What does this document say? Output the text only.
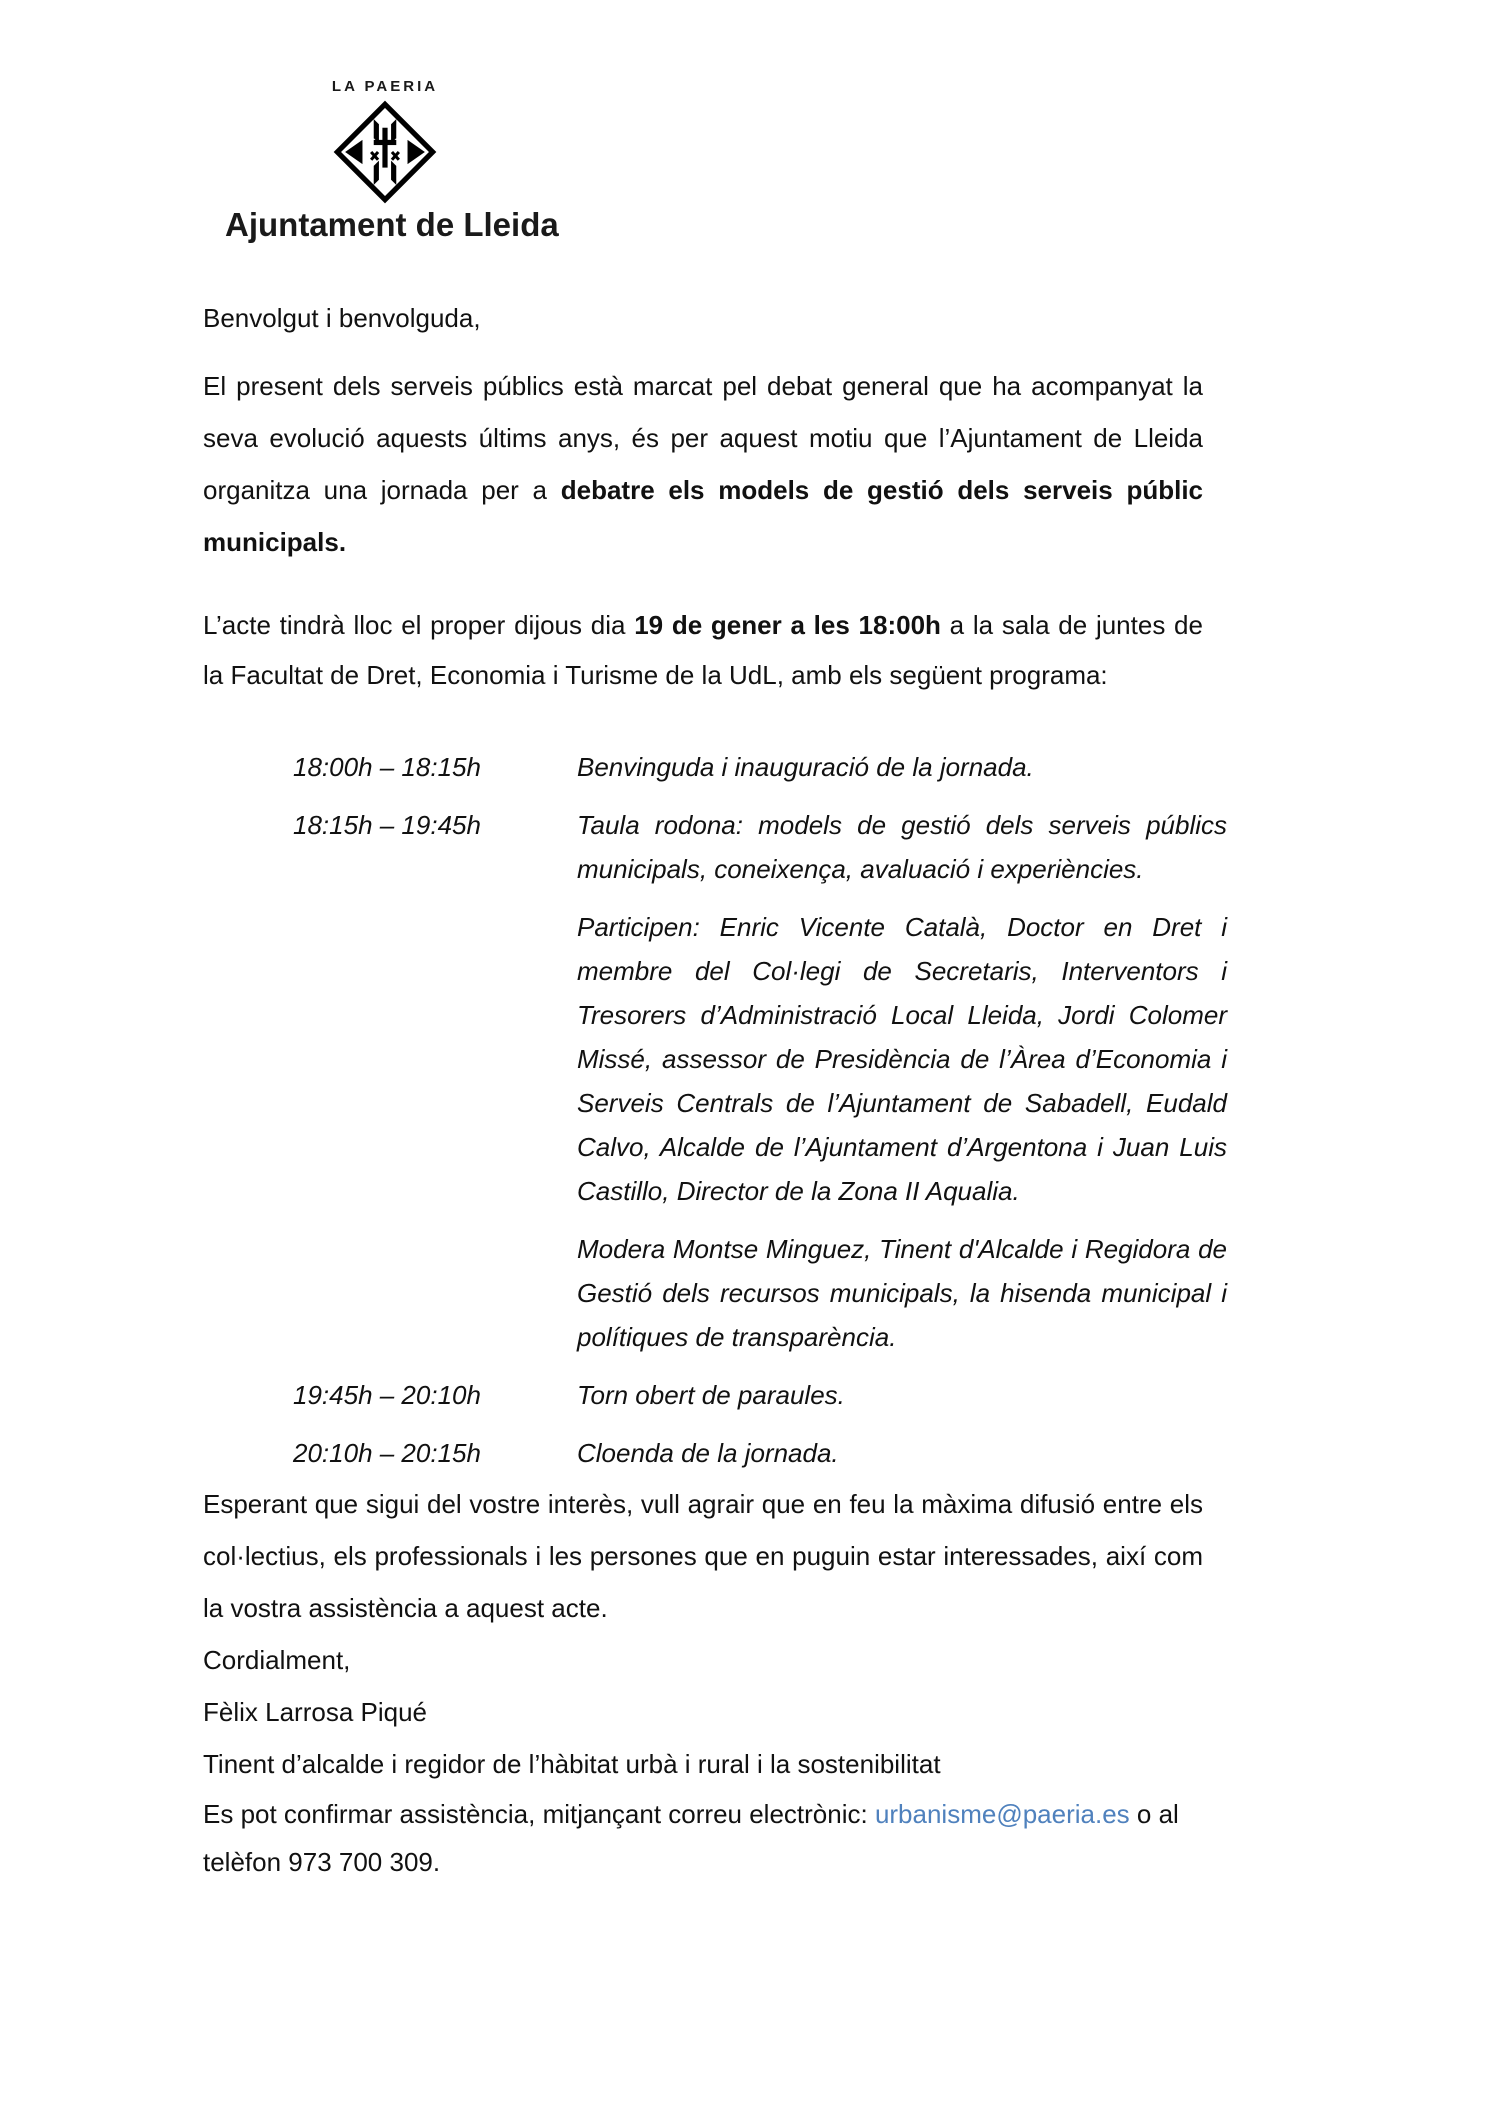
LA PAERIA
Ajuntament de Lleida

Benvolgut i benvolguda,

El present dels serveis públics està marcat pel debat general que ha acompanyat la seva evolució aquests últims anys, és per aquest motiu que l’Ajuntament de Lleida organitza una jornada per a debatre els models de gestió dels serveis públic municipals.

L’acte tindrà lloc el proper dijous dia 19 de gener a les 18:00h a la sala de juntes de la Facultat de Dret, Economia i Turisme de la UdL, amb els següent programa:

18:00h – 18:15h	Benvinguda i inauguració de la jornada.

18:15h – 19:45h	Taula rodona: models de gestió dels serveis públics municipals, coneixença, avaluació i experiències.

Participen: Enric Vicente Català, Doctor en Dret i membre del Col·legi de Secretaris, Interventors i Tresorers d’Administració Local Lleida, Jordi Colomer Missé, assessor de Presidència de l’Àrea d’Economia i Serveis Centrals de l’Ajuntament de Sabadell, Eudald Calvo, Alcalde de l’Ajuntament d’Argentona i Juan Luis Castillo, Director de la Zona II Aqualia.

Modera Montse Minguez, Tinent d'Alcalde i Regidora de Gestió dels recursos municipals, la hisenda municipal i polítiques de transparència.

19:45h – 20:10h	Torn obert de paraules.

20:10h – 20:15h	Cloenda de la jornada.

Esperant que sigui del vostre interès, vull agrair que en feu la màxima difusió entre els col·lectius, els professionals i les persones que en puguin estar interessades, així com la vostra assistència a aquest acte.

Cordialment,

Fèlix Larrosa Piqué

Tinent d’alcalde i regidor de l’hàbitat urbà i rural i la sostenibilitat

Es pot confirmar assistència, mitjançant correu electrònic: urbanisme@paeria.es o al telèfon 973 700 309.
